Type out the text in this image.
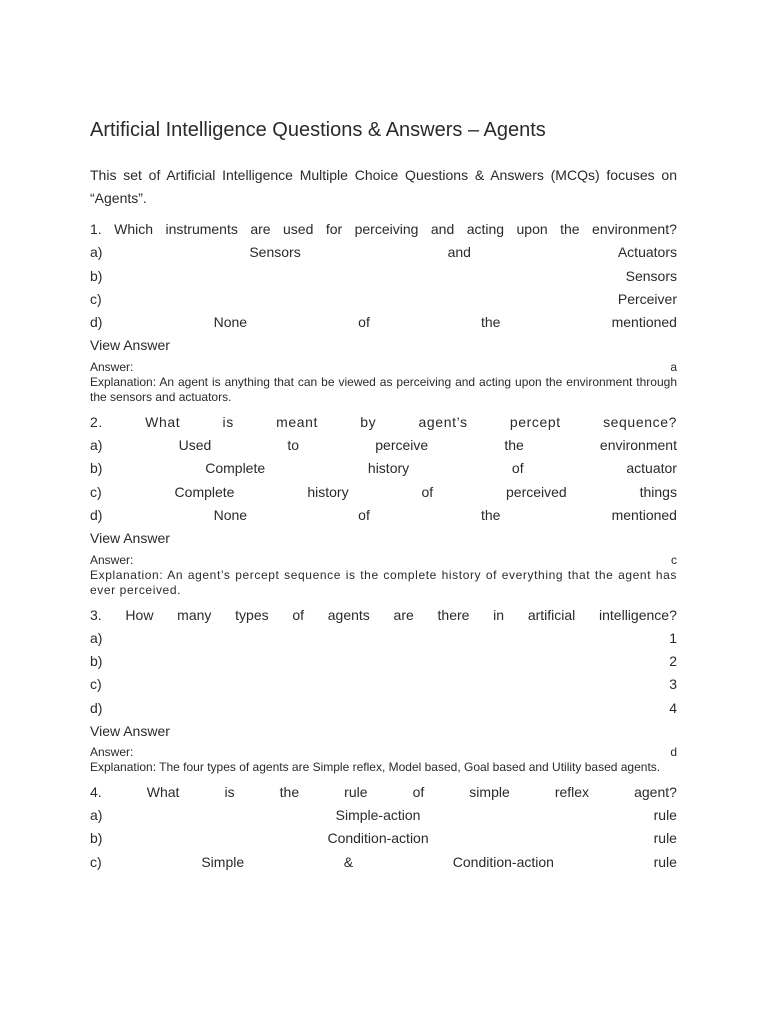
Artificial Intelligence Questions & Answers – Agents

This set of Artificial Intelligence Multiple Choice Questions & Answers (MCQs) focuses on “Agents”.

1. Which instruments are used for perceiving and acting upon the environment?
a)	Sensors	and	Actuators
b)	Sensors
c)	Perceiver
d)	None	of	the	mentioned
View Answer
Answer:	a
Explanation: An agent is anything that can be viewed as perceiving and acting upon the environment through the sensors and actuators.
2.	What	is	meant	by	agent’s	percept	sequence?
a)	Used	to	perceive	the	environment
b)	Complete	history	of	actuator
c)	Complete	history	of	perceived	things
d)	None	of	the	mentioned
View Answer
Answer:	c
Explanation: An agent’s percept sequence is the complete history of everything that the agent has ever perceived.
3. How many types of agents are there in artificial intelligence?
a)	1
b)	2
c)	3
d)	4
View Answer
Answer:	d
Explanation: The four types of agents are Simple reflex, Model based, Goal based and Utility based agents.
4.	What	is	the	rule	of	simple	reflex	agent?
a)	Simple-action	rule
b)	Condition-action	rule
c)	Simple	&	Condition-action	rule
